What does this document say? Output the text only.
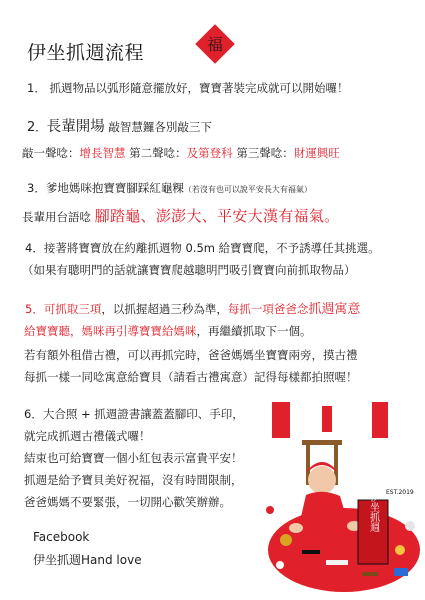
伊坐抓週流程	福
1． 抓週物品以弧形隨意擺放好，寶寶著裝完成就可以開始囉！
2．長輩開場 敲智慧鑼各別敲三下
敲一聲唸：增長智慧 第二聲唸：及第登科 第三聲唸：財運興旺
3．爹地媽咪抱寶寶腳踩紅龜粿（若沒有也可以說平安長大有福氣）
長輩用台語唸 腳踏龜、澎澎大、平安大漢有福氣。
4．接著將寶寶放在約離抓週物 0.5m 給寶寶爬，不予誘導任其挑選。
（如果有聰明門的話就讓寶寶爬越聰明門吸引寶寶向前抓取物品）
5．可抓取三項，以抓握超過三秒為準，每抓一項爸爸念抓週寓意
給寶寶聽，媽咪再引導寶寶給媽咪，再繼續抓取下一個。
若有額外租借古禮，可以再抓完時，爸爸媽媽坐寶寶兩旁，摸古禮
每抓一樣一同唸寓意給寶貝（請看古禮寓意）記得每樣都拍照喔！
6．大合照 + 抓週證書讓蓋蓋腳印、手印，
就完成抓週古禮儀式囉！
結束也可給寶寶一個小紅包表示富貴平安！
抓週是給予寶貝美好祝福，沒有時間限制，
爸爸媽媽不要緊張，一切開心歡笑辦辦。
Facebook
伊坐抓週Hand love
伊坐抓週 EST.2019
